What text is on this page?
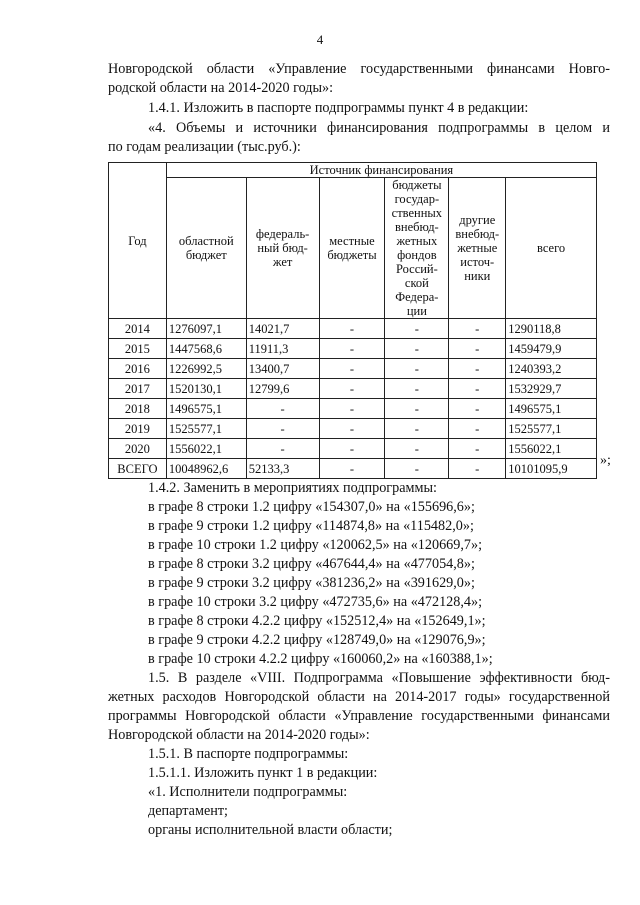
4
Новгородской области «Управление государственными финансами Новго-
родской области на 2014-2020 годы»:
1.4.1. Изложить в паспорте подпрограммы пункт 4 в редакции:
«4. Объемы и источники финансирования подпрограммы в целом и
по годам реализации (тыс.руб.):
Год	Источник финансирования					
	областной бюджет	федераль-ный бюд-жет	местные бюджеты	бюджеты государ-ственных внебюд-жетных фондов Россий-ской Федера-ции	другие внебюд-жетные источ-ники	всего
2014	1276097,1	14021,7	-	-	-	1290118,8
2015	1447568,6	11911,3	-	-	-	1459479,9
2016	1226992,5	13400,7	-	-	-	1240393,2
2017	1520130,1	12799,6	-	-	-	1532929,7
2018	1496575,1	-	-	-	-	1496575,1
2019	1525577,1	-	-	-	-	1525577,1
2020	1556022,1	-	-	-	-	1556022,1
ВСЕГО	10048962,6	52133,3	-	-	-	10101095,9
»;
1.4.2. Заменить в мероприятиях подпрограммы:
в графе 8 строки 1.2 цифру «154307,0» на «155696,6»;
в графе 9 строки 1.2 цифру «114874,8» на «115482,0»;
в графе 10 строки 1.2 цифру «120062,5» на «120669,7»;
в графе 8 строки 3.2 цифру «467644,4» на «477054,8»;
в графе 9 строки 3.2 цифру «381236,2» на «391629,0»;
в графе 10 строки 3.2 цифру «472735,6» на «472128,4»;
в графе 8 строки 4.2.2 цифру «152512,4» на «152649,1»;
в графе 9 строки 4.2.2 цифру «128749,0» на «129076,9»;
в графе 10 строки 4.2.2 цифру «160060,2» на «160388,1»;
1.5. В разделе «VIII. Подпрограмма «Повышение эффективности бюд-
жетных расходов Новгородской области на 2014-2017 годы» государственной
программы Новгородской области «Управление государственными финансами
Новгородской области на 2014-2020 годы»:
1.5.1. В паспорте подпрограммы:
1.5.1.1. Изложить пункт 1 в редакции:
«1. Исполнители подпрограммы:
департамент;
органы исполнительной власти области;
